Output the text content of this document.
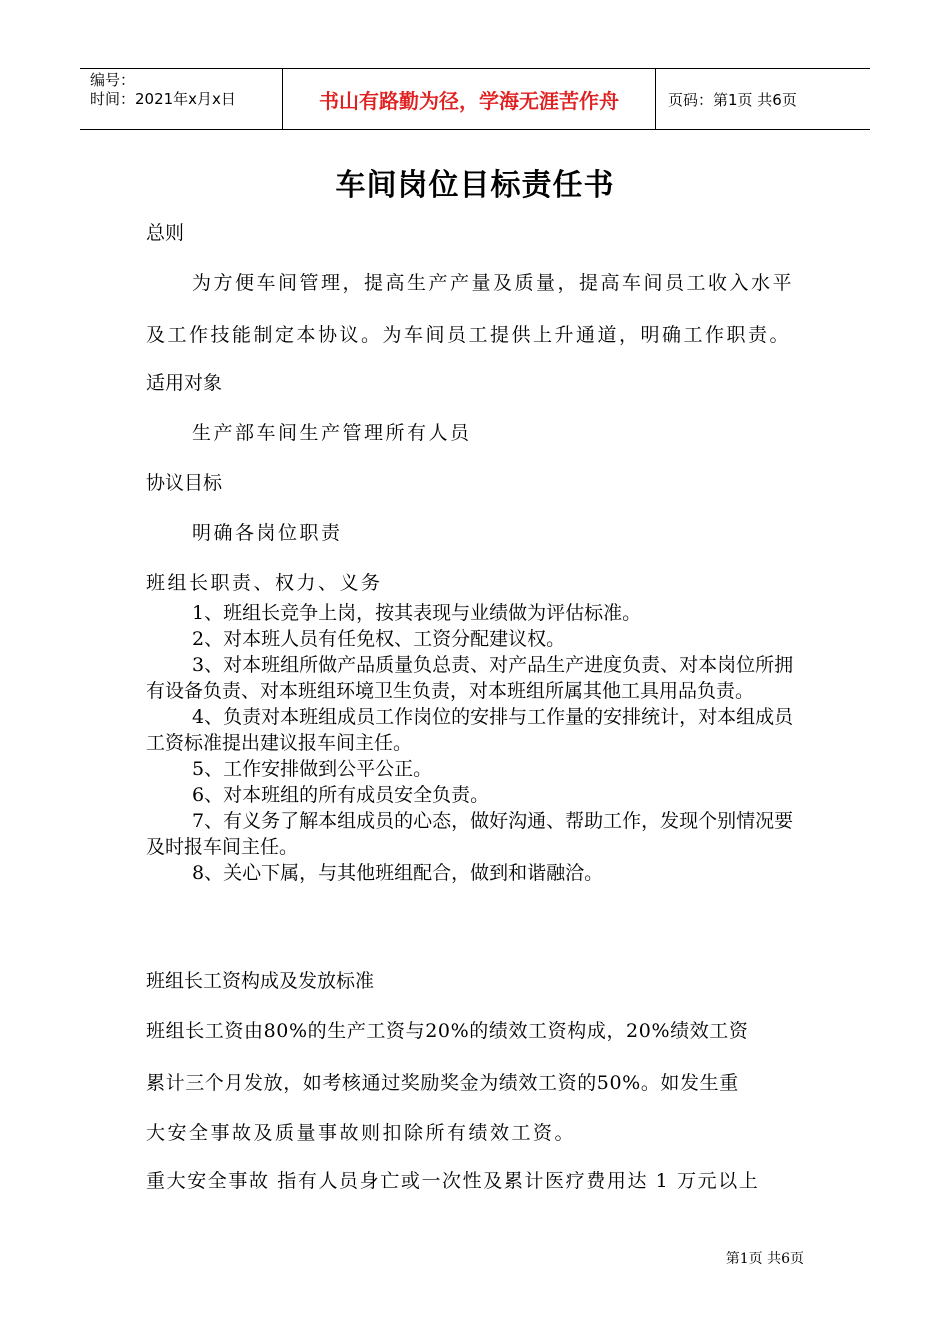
编号：
时间：2021年x月x日	书山有路勤为径，学海无涯苦作舟	页码：第1页 共6页
车间岗位目标责任书
总则
为方便车间管理，提高生产产量及质量，提高车间员工收入水平
及工作技能制定本协议。为车间员工提供上升通道，明确工作职责。
适用对象
生产部车间生产管理所有人员
协议目标
明确各岗位职责
班组长职责、权力、义务

1、班组长竞争上岗，按其表现与业绩做为评估标准。

2、对本班人员有任免权、工资分配建议权。

3、对本班组所做产品质量负总责、对产品生产进度负责、对本岗位所拥有设备负责、对本班组环境卫生负责，对本班组所属其他工具用品负责。

4、负责对本班组成员工作岗位的安排与工作量的安排统计，对本组成员工资标准提出建议报车间主任。

5、工作安排做到公平公正。

6、对本班组的所有成员安全负责。

7、有义务了解本组成员的心态，做好沟通、帮助工作，发现个别情况要及时报车间主任。

8、关心下属，与其他班组配合，做到和谐融洽。

班组长工资构成及发放标准
班组长工资由80%的生产工资与20%的绩效工资构成，20%绩效工资
累计三个月发放，如考核通过奖励奖金为绩效工资的50%。如发生重
大安全事故及质量事故则扣除所有绩效工资。
重大安全事故 指有人员身亡或一次性及累计医疗费用达 1 万元以上
第1页 共6页
